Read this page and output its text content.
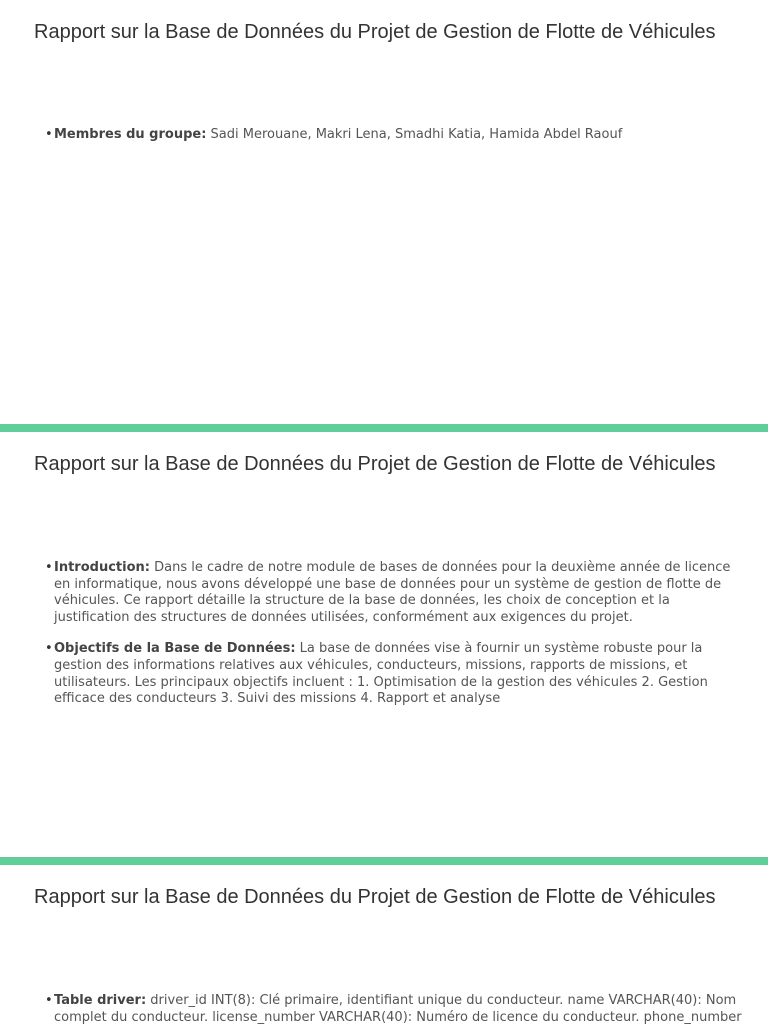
Rapport sur la Base de Données du Projet de Gestion de Flotte de Véhicules
• Membres du groupe: Sadi Merouane, Makri Lena, Smadhi Katia, Hamida Abdel Raouf
Rapport sur la Base de Données du Projet de Gestion de Flotte de Véhicules
• Introduction: Dans le cadre de notre module de bases de données pour la deuxième année de licence en informatique, nous avons développé une base de données pour un système de gestion de flotte de véhicules. Ce rapport détaille la structure de la base de données, les choix de conception et la justification des structures de données utilisées, conformément aux exigences du projet.
• Objectifs de la Base de Données: La base de données vise à fournir un système robuste pour la gestion des informations relatives aux véhicules, conducteurs, missions, rapports de missions, et utilisateurs. Les principaux objectifs incluent : 1. Optimisation de la gestion des véhicules 2. Gestion efficace des conducteurs 3. Suivi des missions 4. Rapport et analyse
Rapport sur la Base de Données du Projet de Gestion de Flotte de Véhicules
• Table driver: driver_id INT(8): Clé primaire, identifiant unique du conducteur. name VARCHAR(40): Nom complet du conducteur. license_number VARCHAR(40): Numéro de licence du conducteur. phone_number
